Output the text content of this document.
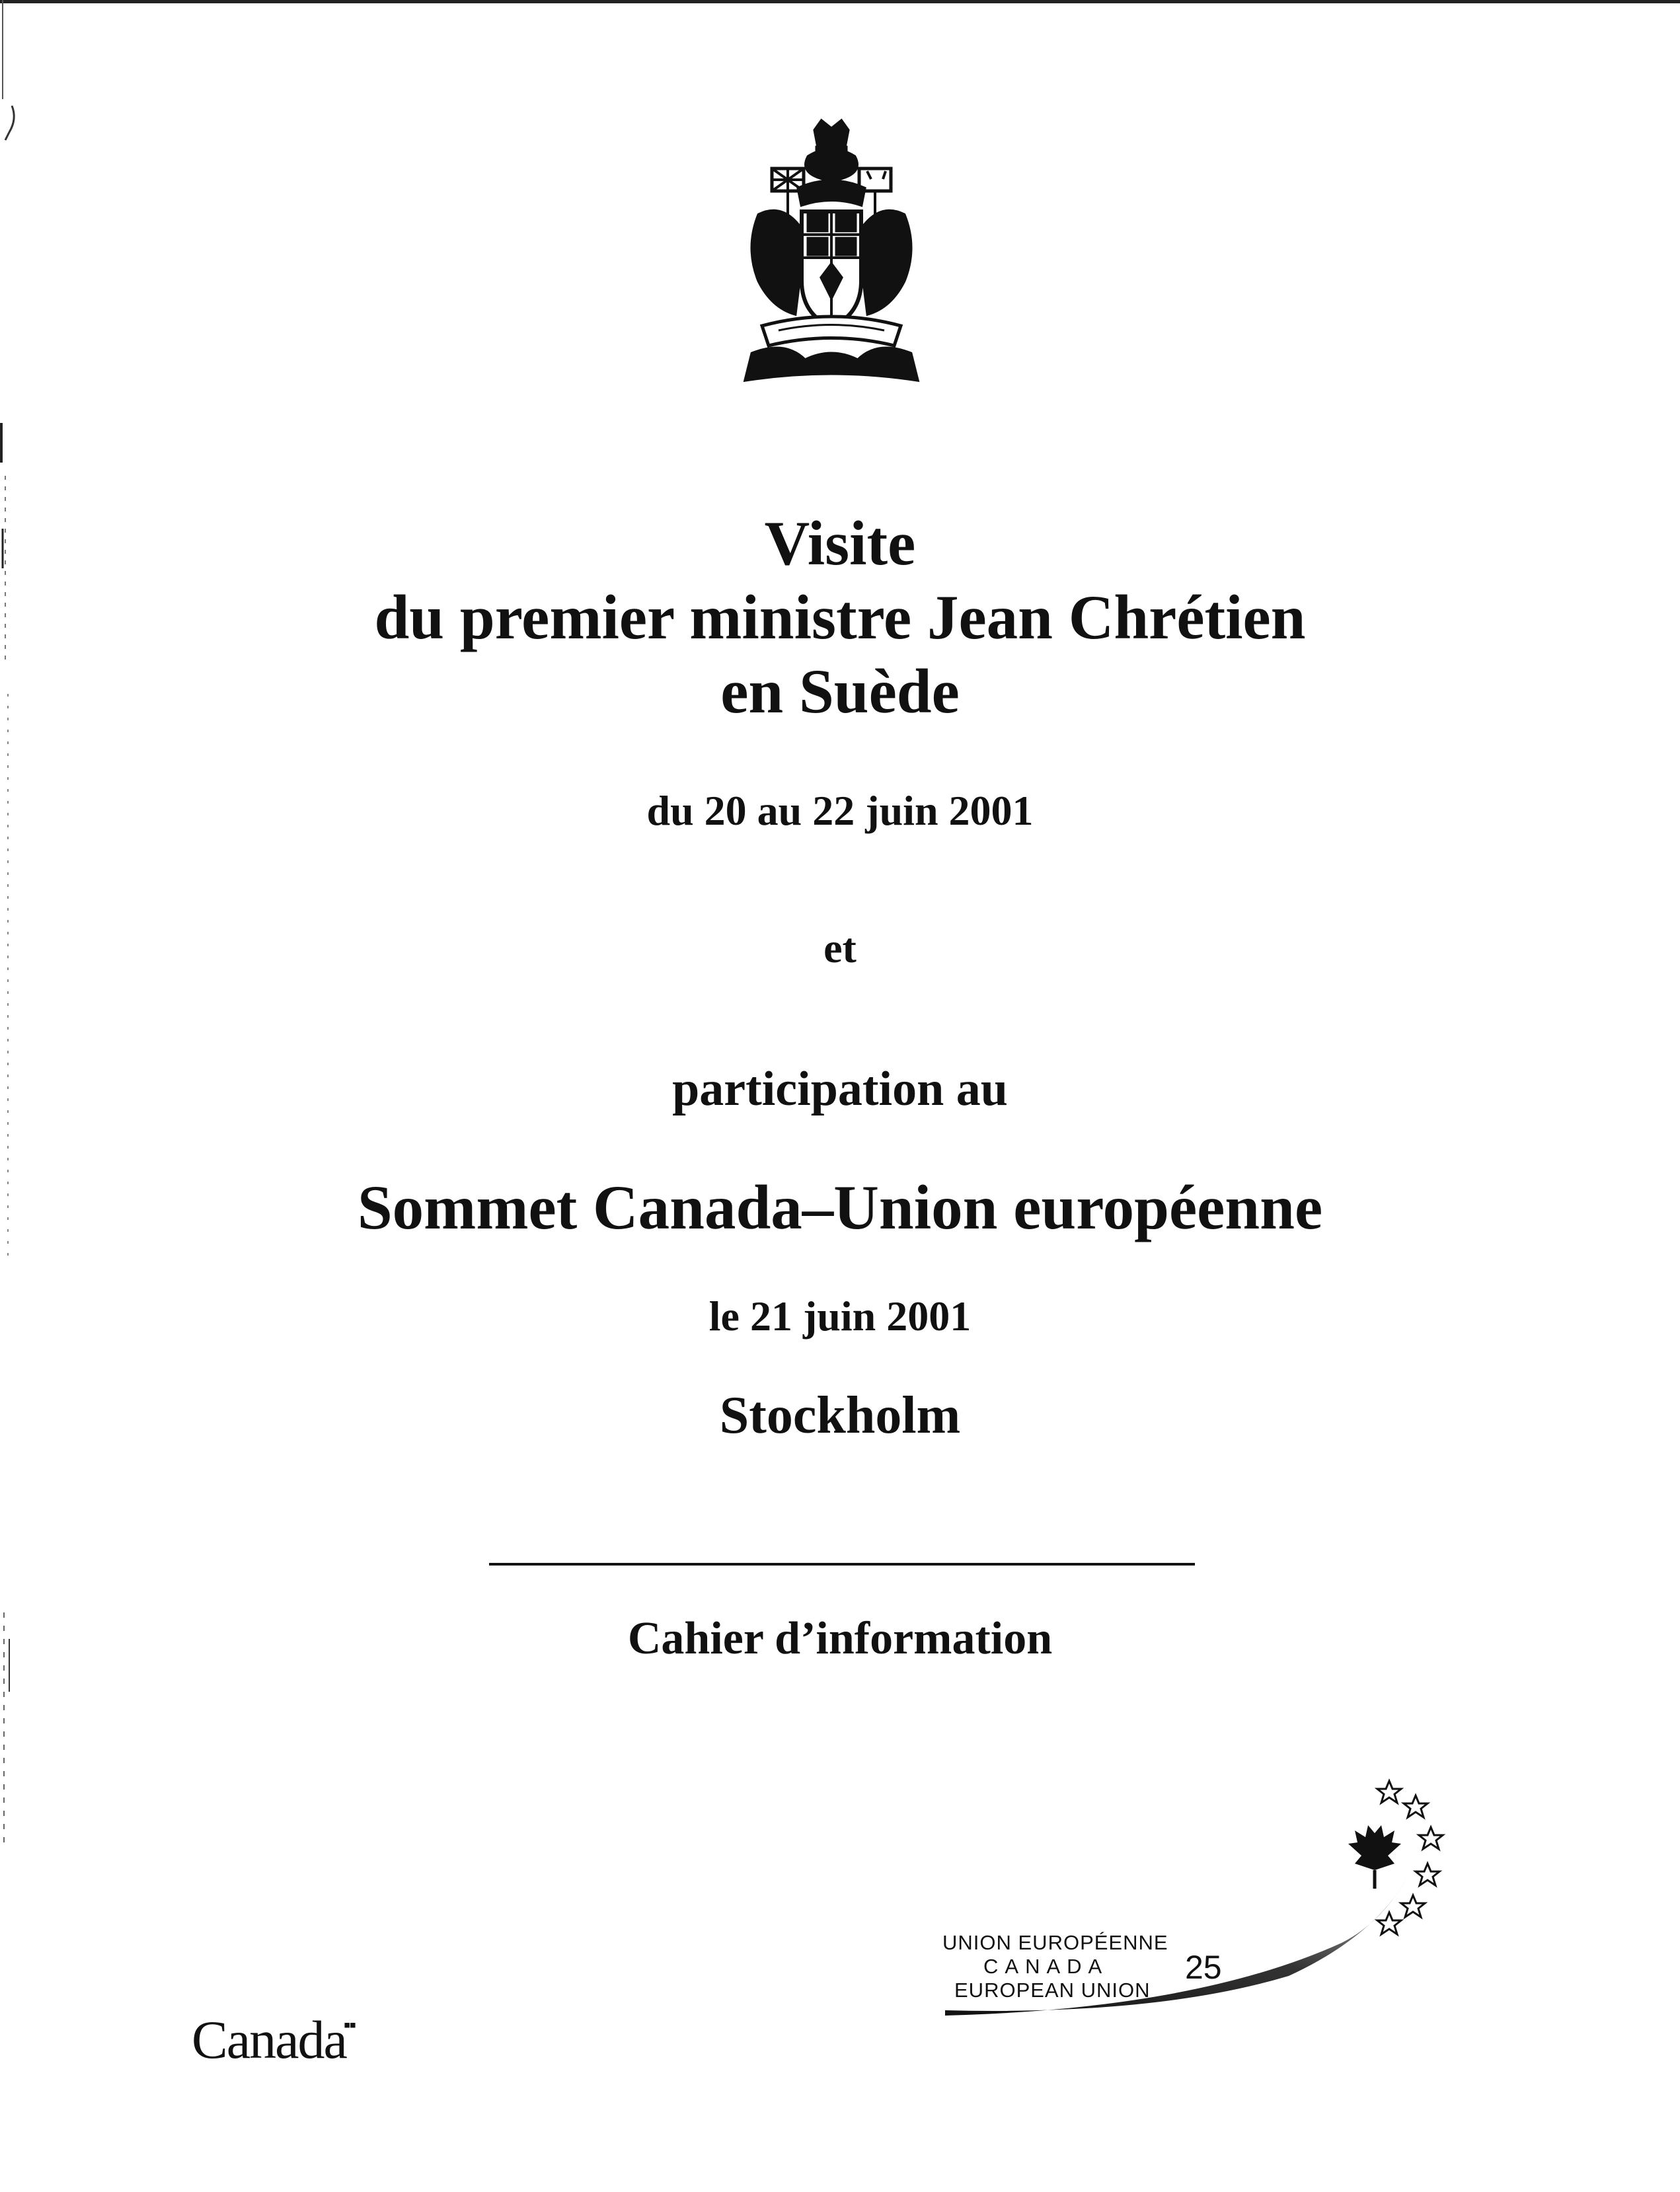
Visite
du premier ministre Jean Chrétien
en Suède
du 20 au 22 juin 2001
et
participation au
Sommet Canada–Union européenne
le 21 juin 2001
Stockholm
Cahier d’information
Canada▪▪
UNION EUROPÉENNE
CANADA
EUROPEAN UNION
25
